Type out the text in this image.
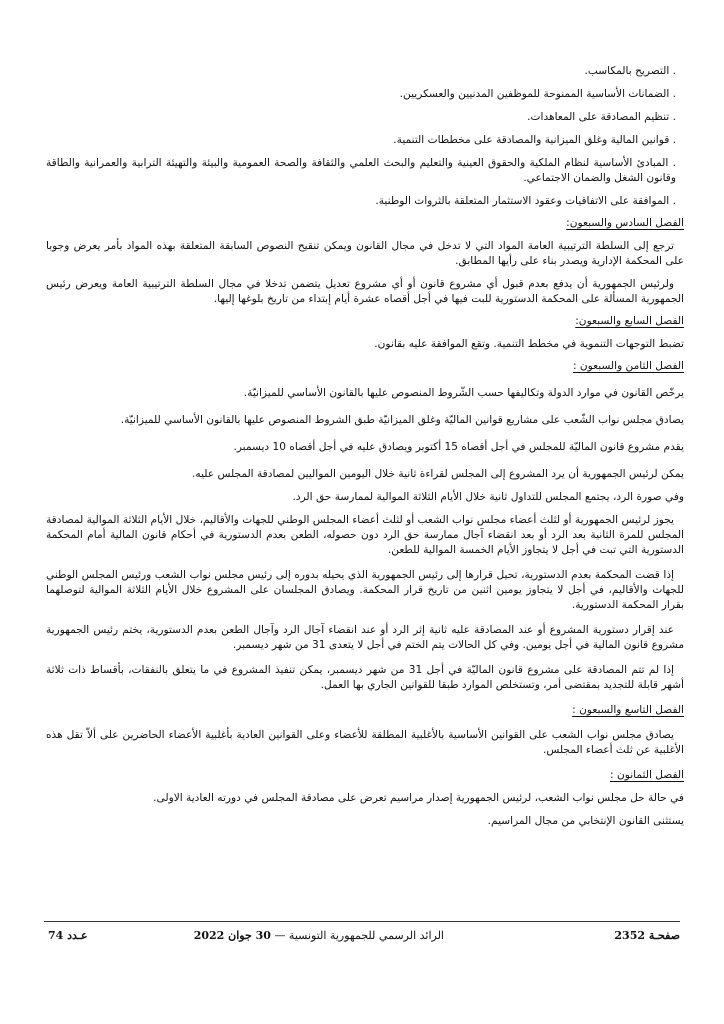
. التصريح بالمكاسب.

. الضمانات الأساسية الممنوحة للموظفين المدنيين والعسكريين.

. تنظيم المصادقة على المعاهدات.

. قوانين المالية وغلق الميزانية والمصادقة على مخططات التنمية.

. المبادئ الأساسية لنظام الملكية والحقوق العينية والتعليم والبحث العلمي والثقافة والصحة العمومية والبيئة والتهيئة الترابية والعمرانية والطاقة وقانون الشغل والضمان الاجتماعي.

. الموافقة على الاتفاقيات وعقود الاستثمار المتعلقة بالثروات الوطنية.

الفصل السادس والسبعون:

ترجع إلى السلطة الترتيبية العامة المواد التي لا تدخل في مجال القانون ويمكن تنقيح النصوص السابقة المتعلقة بهذه المواد بأمر يعرض وجوبا على المحكمة الإدارية ويصدر بناء على رأيها المطابق.

ولرئيس الجمهورية أن يدفع بعدم قبول أي مشروع قانون أو أي مشروع تعديل يتضمن تدخلا في مجال السلطة الترتيبية العامة ويعرض رئيس الجمهورية المسألة على المحكمة الدستورية للبت فيها في أجل أقصاه عشرة أيام إبتداء من تاريخ بلوغها إليها.

الفصل السابع والسبعون:

تضبط التوجهات التنموية في مخطط التنمية. وتقع الموافقة عليه بقانون.

الفصل الثامن والسبعون :

يرخّص القانون في موارد الدولة وتكاليفها حسب الشّروط المنصوص عليها بالقانون الأساسي للميزانيّة.

يصادق مجلس نواب الشّعب على مشاريع قوانين الماليّة وغلق الميزانيّة طبق الشروط المنصوص عليها بالقانون الأساسي للميزانيّة.

يقدم مشروع قانون الماليّة للمجلس في أجل أقصاه 15 أكتوبر ويصادق عليه في أجل أقصاه 10 ديسمبر.

يمكن لرئيس الجمهورية أن يرد المشروع إلى المجلس لقراءة ثانية خلال اليومين المواليين لمصادقة المجلس عليه.

وفي صورة الرد، يجتمع المجلس للتداول ثانية خلال الأيام الثلاثة الموالية لممارسة حق الرد.

يجوز لرئيس الجمهورية أو لثلث أعضاء مجلس نواب الشعب أو لثلث أعضاء المجلس الوطني للجهات والأقاليم، خلال الأيام الثلاثة الموالية لمصادقة المجلس للمرة الثانية بعد الرد أو بعد انقضاء آجال ممارسة حق الرد دون حصوله، الطعن بعدم الدستورية في أحكام قانون المالية أمام المحكمة الدستورية التي تبت في أجل لا يتجاوز الأيام الخمسة الموالية للطعن.

إذا قضت المحكمة بعدم الدستورية، تحيل قرارها إلى رئيس الجمهورية الذي يحيله بدوره إلى رئيس مجلس نواب الشعب ورئيس المجلس الوطني للجهات والأقاليم، في أجل لا يتجاوز يومين اثنين من تاريخ قرار المحكمة. ويصادق المجلسان على المشروع خلال الأيام الثلاثة الموالية لتوصلهما بقرار المحكمة الدستورية.

عند إقرار دستورية المشروع أو عند المصادقة عليه ثانية إثر الرد أو عند انقضاء آجال الرد وآجال الطعن بعدم الدستورية، يختم رئيس الجمهورية مشروع قانون المالية في أجل يومين. وفي كل الحالات يتم الختم في أجل لا يتعدى 31 من شهر ديسمبر.

إذا لم تتم المصادقة على مشروع قانون الماليّة في أجل 31 من شهر ديسمبر، يمكن تنفيذ المشروع في ما يتعلق بالنفقات، بأقساط ذات ثلاثة أشهر قابلة للتجديد بمقتضى أمر، وتستخلص الموارد طبقا للقوانين الجاري بها العمل.

الفصل التاسع والسبعون :

يصادق مجلس نواب الشعب على القوانين الأساسية بالأغلبية المطلقة للأعضاء وعلى القوانين العادية بأغلبية الأعضاء الحاضرين على ألاّ تقل هذه الأغلبية عن ثلث أعضاء المجلس.

الفصل الثمانون :

في حالة حل مجلس نواب الشعب، لرئيس الجمهورية إصدار مراسيم تعرض على مصادقة المجلس في دورته العادية الاولى.

يستثنى القانون الإنتخابي من مجال المراسيم.

صفحـة 2352
الرائد الرسمي للجمهورية التونسية — 30 جوان 2022
عـدد 74
